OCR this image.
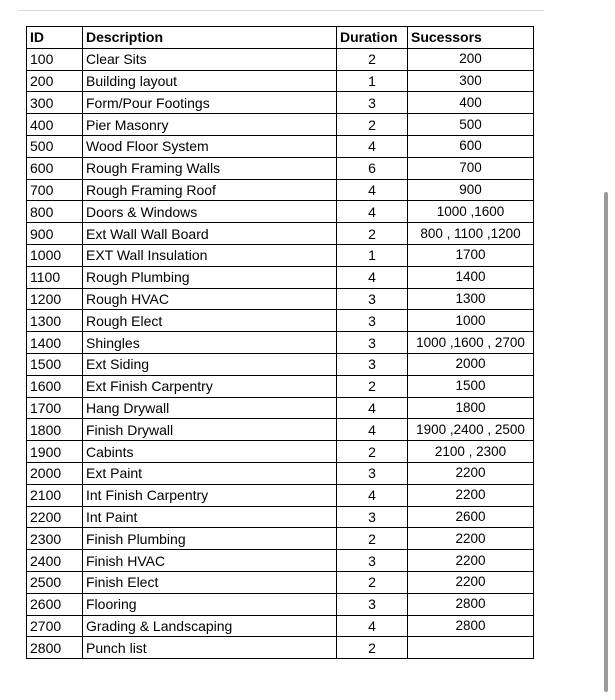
ID	Description	Duration	Sucessors
100	Clear Sits	2	200
200	Building layout	1	300
300	Form/Pour Footings	3	400
400	Pier Masonry	2	500
500	Wood Floor System	4	600
600	Rough Framing Walls	6	700
700	Rough Framing Roof	4	900
800	Doors & Windows	4	1000 ,1600
900	Ext Wall Wall Board	2	800 , 1100 ,1200
1000	EXT Wall Insulation	1	1700
1100	Rough Plumbing	4	1400
1200	Rough HVAC	3	1300
1300	Rough Elect	3	1000
1400	Shingles	3	1000 ,1600 , 2700
1500	Ext Siding	3	2000
1600	Ext Finish Carpentry	2	1500
1700	Hang Drywall	4	1800
1800	Finish Drywall	4	1900 ,2400 , 2500
1900	Cabints	2	2100 , 2300
2000	Ext Paint	3	2200
2100	Int Finish Carpentry	4	2200
2200	Int Paint	3	2600
2300	Finish Plumbing	2	2200
2400	Finish HVAC	3	2200
2500	Finish Elect	2	2200
2600	Flooring	3	2800
2700	Grading & Landscaping	4	2800
2800	Punch list	2	
